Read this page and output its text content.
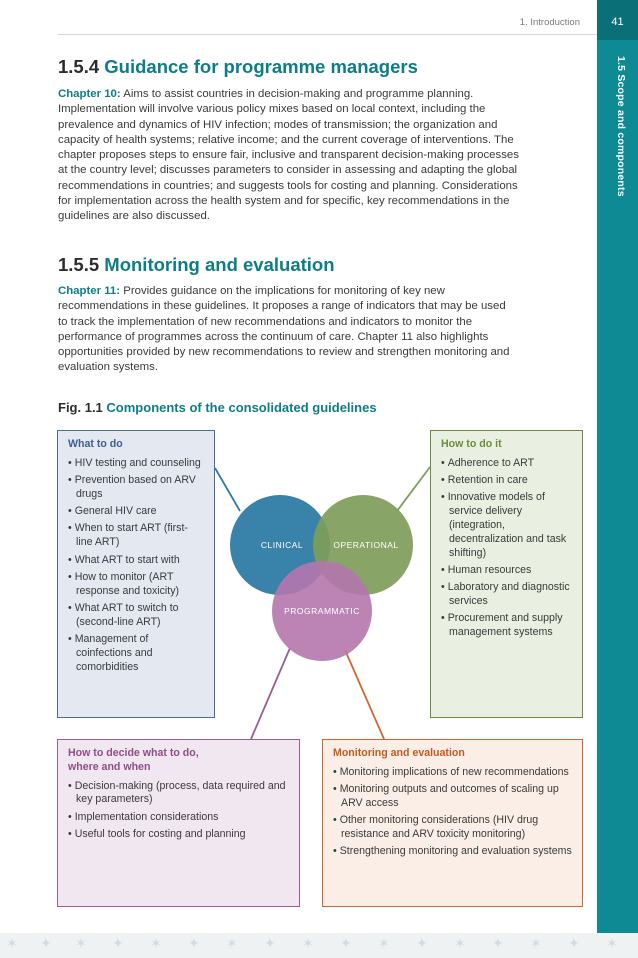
41
1.5 Scope and components
1. Introduction
1.5.4 Guidance for programme managers

Chapter 10: Aims to assist countries in decision-making and programme planning.
Implementation will involve various policy mixes based on local context, including the
prevalence and dynamics of HIV infection; modes of transmission; the organization and
capacity of health systems; relative income; and the current coverage of interventions. The
chapter proposes steps to ensure fair, inclusive and transparent decision-making processes
at the country level; discusses parameters to consider in assessing and adapting the global
recommendations in countries; and suggests tools for costing and planning. Considerations
for implementation across the health system and for specific, key recommendations in the
guidelines are also discussed.

1.5.5 Monitoring and evaluation

Chapter 11: Provides guidance on the implications for monitoring of key new
recommendations in these guidelines. It proposes a range of indicators that may be used
to track the implementation of new recommendations and indicators to monitor the
performance of programmes across the continuum of care. Chapter 11 also highlights
opportunities provided by new recommendations to review and strengthen monitoring and
evaluation systems.

Fig. 1.1 Components of the consolidated guidelines

CLINICAL	OPERATIONAL
PROGRAMMATIC
What to do
• HIV testing and counseling
• Prevention based on ARV drugs
• General HIV care
• When to start ART (first-line ART)
• What ART to start with
• How to monitor (ART response and toxicity)
• What ART to switch to (second-line ART)
• Management of coinfections and comorbidities
How to do it
• Adherence to ART
• Retention in care
• Innovative models of service delivery (integration, decentralization and task shifting)
• Human resources
• Laboratory and diagnostic services
• Procurement and supply management systems
How to decide what to do,
where and when
• Decision-making (process, data required and key parameters)
• Implementation considerations
• Useful tools for costing and planning
Monitoring and evaluation
• Monitoring implications of new recommendations
• Monitoring outputs and outcomes of scaling up ARV access
• Other monitoring considerations (HIV drug resistance and ARV toxicity monitoring)
• Strengthening monitoring and evaluation systems
✶ ✦ ✶ ✦ ✶ ✦ ✶ ✦ ✶ ✦ ✶ ✦ ✶ ✦ ✶ ✦ ✶
